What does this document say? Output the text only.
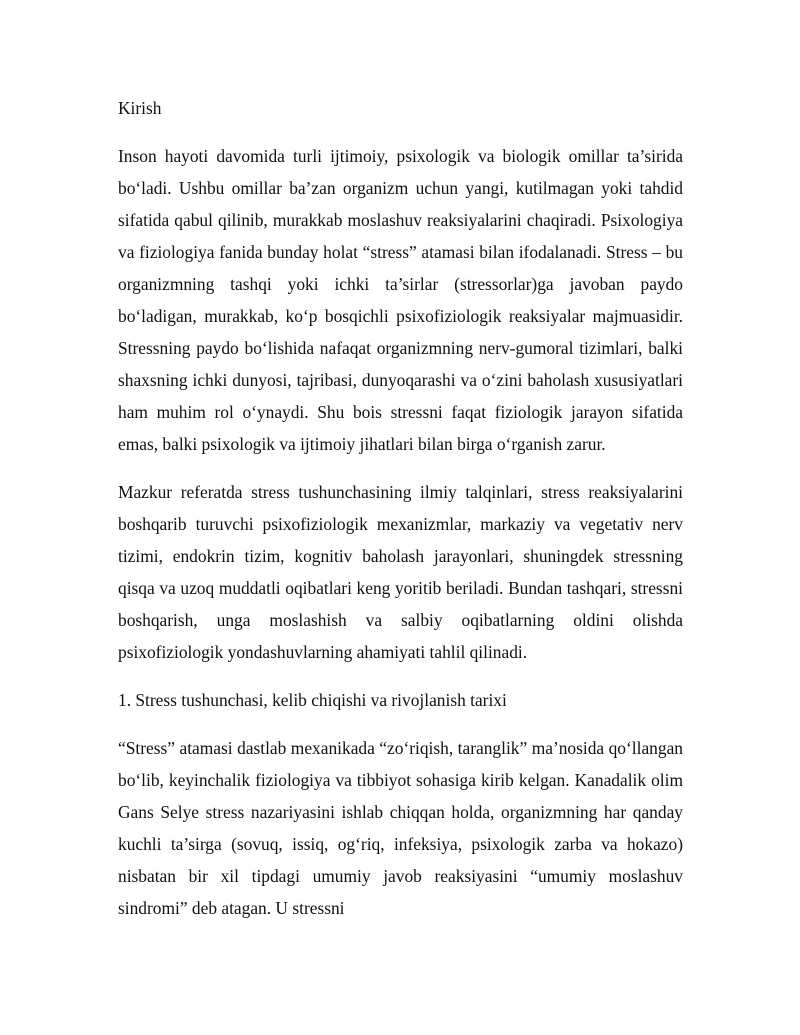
Kirish

Inson hayoti davomida turli ijtimoiy, psixologik va biologik omillar ta’sirida bo‘ladi. Ushbu omillar ba’zan organizm uchun yangi, kutilmagan yoki tahdid sifatida qabul qilinib, murakkab moslashuv reaksiyalarini chaqiradi. Psixologiya va fiziologiya fanida bunday holat “stress” atamasi bilan ifodalanadi. Stress – bu organizmning tashqi yoki ichki ta’sirlar (stressorlar)ga javoban paydo bo‘ladigan, murakkab, ko‘p bosqichli psixofiziologik reaksiyalar majmuasidir. Stressning paydo bo‘lishida nafaqat organizmning nerv-gumoral tizimlari, balki shaxsning ichki dunyosi, tajribasi, dunyoqarashi va o‘zini baholash xususiyatlari ham muhim rol o‘ynaydi. Shu bois stressni faqat fiziologik jarayon sifatida emas, balki psixologik va ijtimoiy jihatlari bilan birga o‘rganish zarur.

Mazkur referatda stress tushunchasining ilmiy talqinlari, stress reaksiyalarini boshqarib turuvchi psixofiziologik mexanizmlar, markaziy va vegetativ nerv tizimi, endokrin tizim, kognitiv baholash jarayonlari, shuningdek stressning qisqa va uzoq muddatli oqibatlari keng yoritib beriladi. Bundan tashqari, stressni boshqarish, unga moslashish va salbiy oqibatlarning oldini olishda psixofiziologik yondashuvlarning ahamiyati tahlil qilinadi.

1. Stress tushunchasi, kelib chiqishi va rivojlanish tarixi

“Stress” atamasi dastlab mexanikada “zo‘riqish, taranglik” ma’nosida qo‘llangan bo‘lib, keyinchalik fiziologiya va tibbiyot sohasiga kirib kelgan. Kanadalik olim Gans Selye stress nazariyasini ishlab chiqqan holda, organizmning har qanday kuchli ta’sirga (sovuq, issiq, og‘riq, infeksiya, psixologik zarba va hokazo) nisbatan bir xil tipdagi umumiy javob reaksiyasini “umumiy moslashuv sindromi” deb atagan. U stressni
